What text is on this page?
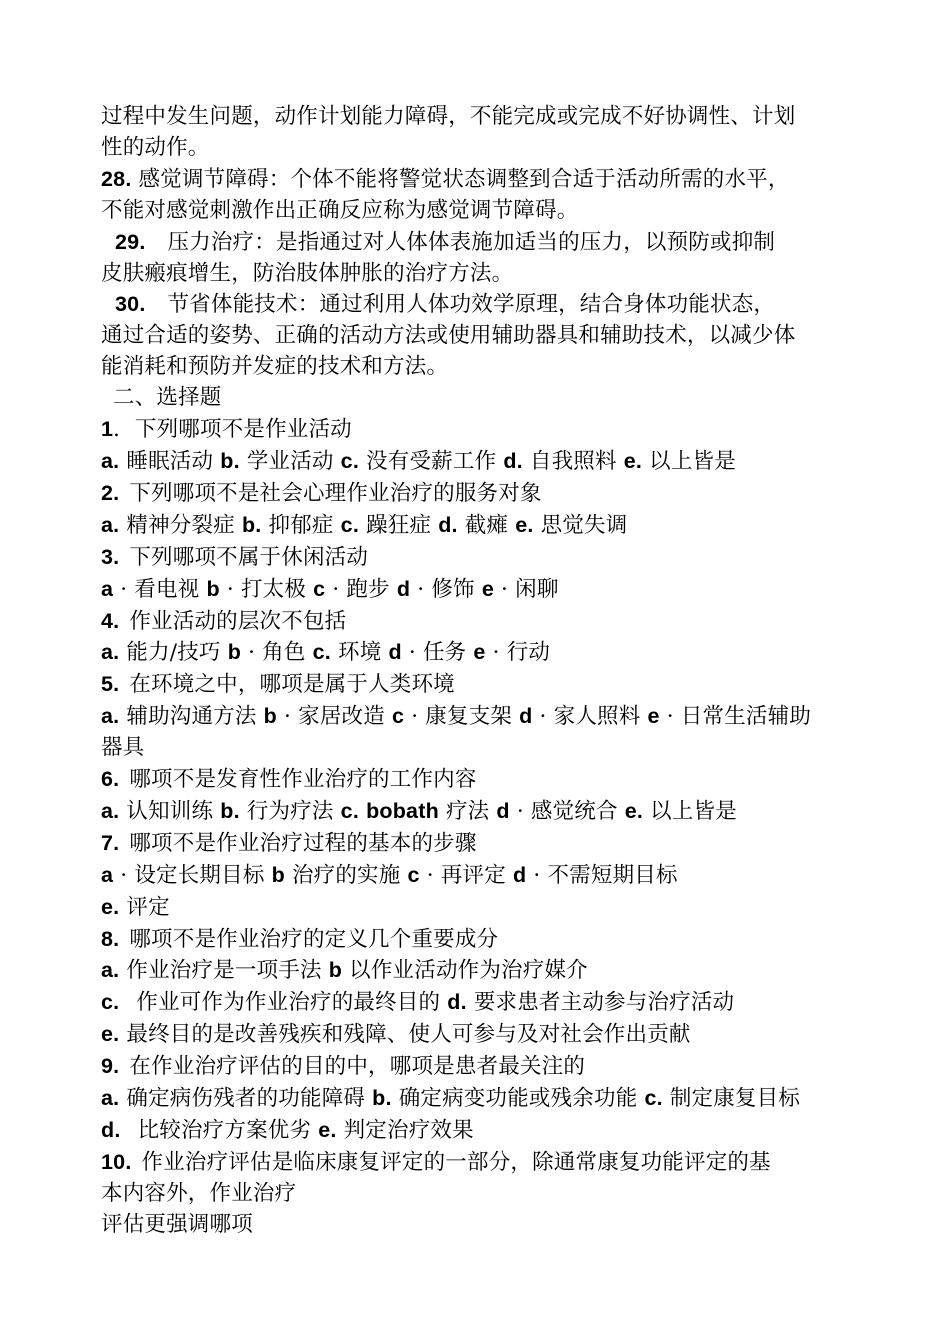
过程中发生问题，动作计划能力障碍，不能完成或完成不好协调性、计划
性的动作。
28. 感觉调节障碍：个体不能将警觉状态调整到合适于活动所需的水平，
不能对感觉刺激作出正确反应称为感觉调节障碍。
29. 压力治疗：是指通过对人体体表施加适当的压力，以预防或抑制
皮肤瘢痕增生，防治肢体肿胀的治疗方法。
30. 节省体能技术：通过利用人体功效学原理，结合身体功能状态，
通过合适的姿势、正确的活动方法或使用辅助器具和辅助技术，以减少体
能消耗和预防并发症的技术和方法。
二、选择题
1．下列哪项不是作业活动
a. 睡眠活动 b. 学业活动 c. 没有受薪工作 d. 自我照料 e. 以上皆是
2. 下列哪项不是社会心理作业治疗的服务对象
a. 精神分裂症 b. 抑郁症 c. 躁狂症 d. 截瘫 e. 思觉失调
3. 下列哪项不属于休闲活动
a · 看电视 b · 打太极 c · 跑步 d · 修饰 e · 闲聊
4. 作业活动的层次不包括
a. 能力/技巧 b · 角色 c. 环境 d · 任务 e · 行动
5. 在环境之中，哪项是属于人类环境
a. 辅助沟通方法 b · 家居改造 c · 康复支架 d · 家人照料 e · 日常生活辅助
器具
6. 哪项不是发育性作业治疗的工作内容
a. 认知训练 b. 行为疗法 c. bobath 疗法 d · 感觉统合 e. 以上皆是
7. 哪项不是作业治疗过程的基本的步骤
a · 设定长期目标 b 治疗的实施 c · 再评定 d · 不需短期目标
e. 评定
8. 哪项不是作业治疗的定义几个重要成分
a. 作业治疗是一项手法 b 以作业活动作为治疗媒介
c. 作业可作为作业治疗的最终目的 d. 要求患者主动参与治疗活动
e. 最终目的是改善残疾和残障、使人可参与及对社会作出贡献
9. 在作业治疗评估的目的中，哪项是患者最关注的
a. 确定病伤残者的功能障碍 b. 确定病变功能或残余功能 c. 制定康复目标
d. 比较治疗方案优劣 e. 判定治疗效果
10. 作业治疗评估是临床康复评定的一部分，除通常康复功能评定的基
本内容外，作业治疗
评估更强调哪项
